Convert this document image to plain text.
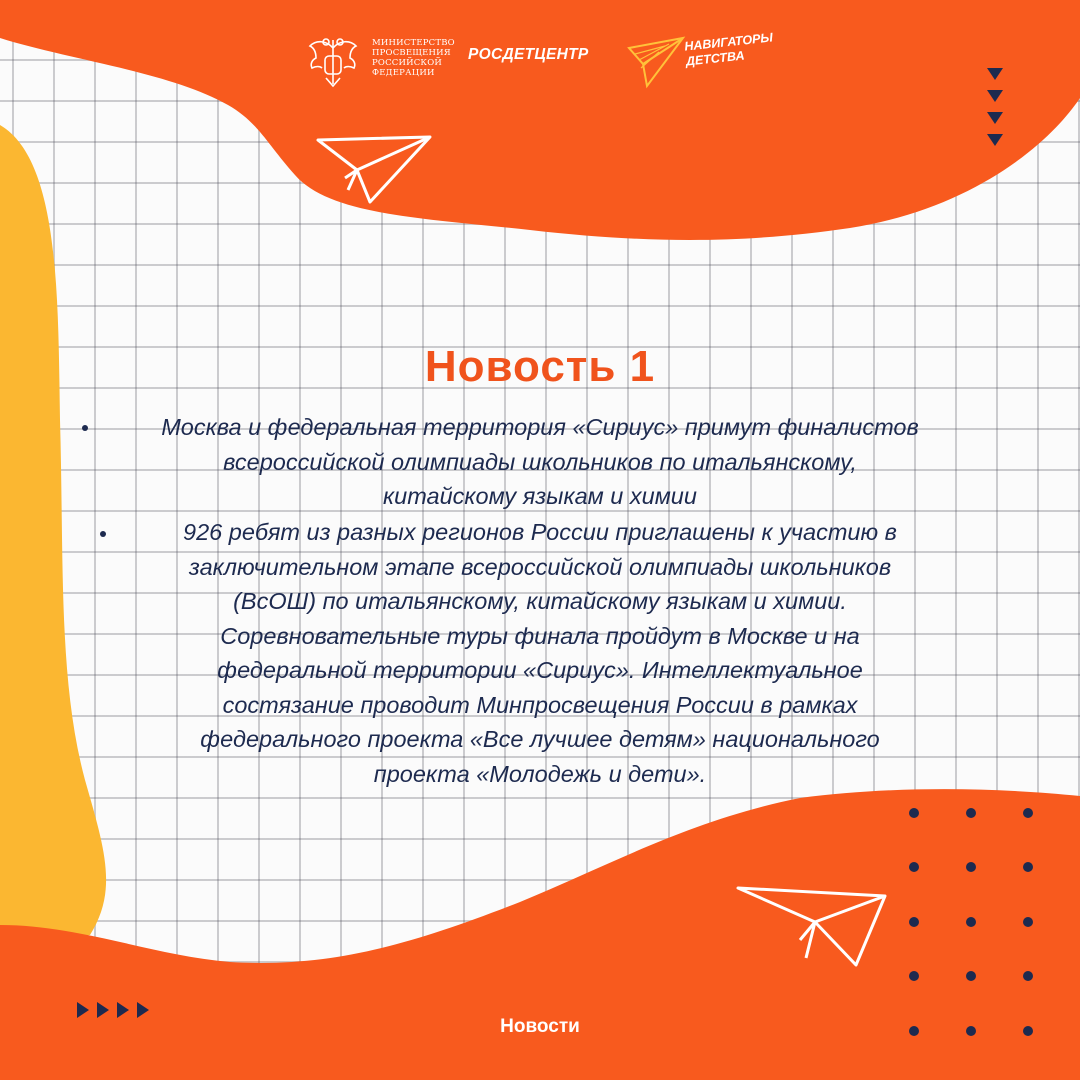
МИНИСТЕРСТВО
ПРОСВЕЩЕНИЯ
РОССИЙСКОЙ
ФЕДЕРАЦИИ
РОСДЕТЦЕНТР
НАВИГАТОРЫ
ДЕТСТВА
Новость 1
Москва и федеральная территория «Сириус» примут финалистов
всероссийской олимпиады школьников по итальянскому,
китайскому языкам и химии
926 ребят из разных регионов России приглашены к участию в
заключительном этапе всероссийской олимпиады школьников
(ВсОШ) по итальянскому, китайскому языкам и химии.
Соревновательные туры финала пройдут в Москве и на
федеральной территории «Сириус». Интеллектуальное
состязание проводит Минпросвещения России в рамках
федерального проекта «Все лучшее детям» национального
проекта «Молодежь и дети».
Новости
